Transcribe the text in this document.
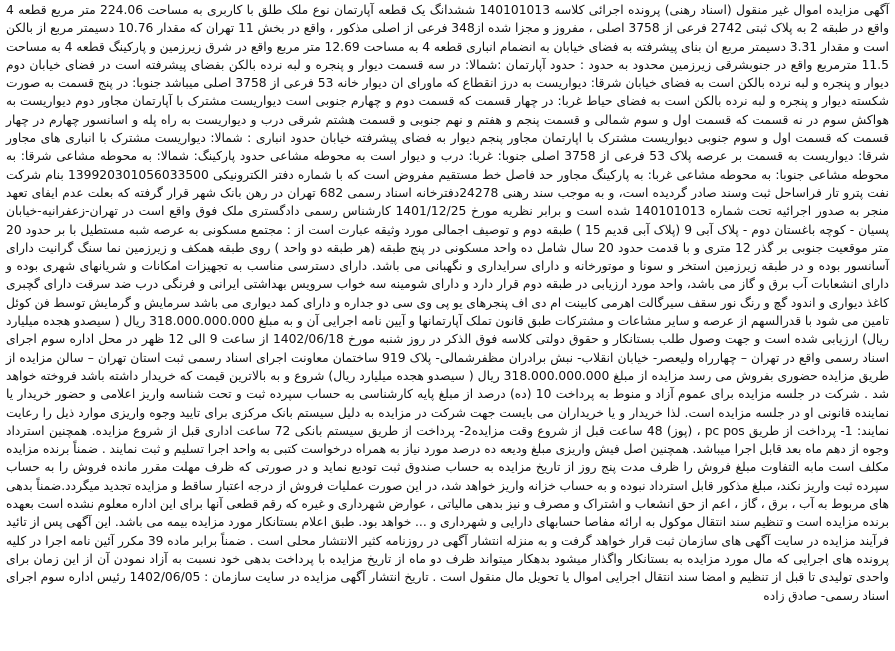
آگهی مزایده اموال غیر منقول (اسناد رهنی) پرونده اجرائی کلاسه 140101013 ششدانگ یک قطعه آپارتمان نوع ملک طلق با کاربری به مساحت 224.06 متر مربع قطعه 4 واقع در طبقه 2 به پلاک ثبتی 2742 فرعی از 3758 اصلی ، مفروز و مجزا شده از348 فرعی از اصلی مذکور ، واقع در بخش 11 تهران که مقدار 10.76 دسیمتر مربع از بالکن است و مقدار 3.31 دسیمتر مربع ان بنای پیشرفته به فضای خیابان به انضمام انباری قطعه 4 به مساحت 12.69 متر مربع واقع در شرق زیرزمین و پارکینگ قطعه 4 به مساحت 11.5 مترمربع واقع در جنوبشرقی زیرزمین محدود به حدود : حدود آپارتمان :شمالا: در سه قسمت دیوار و پنجره و لبه نرده بالکن بفضای پیشرفته است در فضای خیابان دوم دیوار و پنجره و لبه نرده بالکن است به فضای خیابان شرقا: دیواریست به درز انقطاع که ماورای ان دیوار خانه 53 فرعی از 3758 اصلی میباشد جنوبا: در پنج قسمت به صورت شکسته دیوار و پنجره و لبه نرده بالکن است به فضای حیاط غربا: در چهار قسمت که قسمت دوم و چهارم جنوبی است دیواریست مشترک با آپارتمان مجاور دوم دیواریست به هواکش سوم در نه قسمت که قسمت اول و سوم شمالی و قسمت پنجم و هفتم و نهم جنوبی و قسمت هشتم شرقی درب و دیواریست به راه پله و اسانسور چهارم در چهار قسمت که قسمت اول و سوم جنوبی دیواریست مشترک با اپارتمان مجاور پنجم دیوار به فضای پیشرفته خیابان حدود انباری : شمالا: دیواریست مشترک با انباری های مجاور شرقا: دیواریست به قسمت بر عرصه پلاک 53 فرعی از 3758 اصلی جنوبا: غربا: درب و دیوار است به محوطه مشاعی حدود پارکینگ: شمالا: به محوطه مشاعی شرقا: به محوطه مشاعی جنوبا: به محوطه مشاعی غربا: به پارکینگ مجاور حد فاصل خط مستقیم مفروض است که با شماره دفتر الکترونیکی 139920301056033500 بنام شرکت نفت پترو تار فراساحل ثبت وسند صادر گردیده است، و به موجب سند رهنی 24278دفترخانه اسناد رسمی 682 تهران در رهن بانک شهر قرار گرفته که بعلت عدم ایفای تعهد منجر به صدور اجرائیه تحت شماره 140101013 شده است و برابر نظریه مورخ 1401/12/25 کارشناس رسمی دادگستری ملک فوق واقع است در تهران-زعفرانیه-خیابان پسیان - کوچه باغستان دوم - پلاک آبی 9 (پلاک آبی قدیم 15 ) طبقه دوم و توصیف اجمالی مورد وثیقه عبارت است از : مجتمع مسکونی به عرصه شبه مستطیل با بر حدود 20 متر موقعیت جنوبی بر گذر 12 متری و با قدمت حدود 20 سال شامل ده واحد مسکونی در پنج طبقه (هر طبقه دو واحد ) روی طبقه همکف و زیرزمین نما سنگ گرانیت دارای آسانسور بوده و در طبقه زیرزمین استخر و سونا و موتورخانه و دارای سرایداری و نگهبانی می باشد. دارای دسترسی مناسب به تجهیزات امکانات و شریانهای شهری بوده و دارای انشعابات آب برق و گاز می باشد، واحد مورد ارزیابی در طبقه دوم قرار دارد و دارای شومینه سه خواب سرویس بهداشتی ایرانی و فرنگی درب ضد سرقت دارای گچبری کاغذ دیواری و اندود گچ و رنگ نور سقف سیرگالت اهرمی کابینت ام دی اف پنجرهای یو پی وی سی دو جداره و دارای کمد دیواری می باشد سرمایش و گرمایش توسط فن کوئل تامین می شود با قدرالسهم از عرصه و سایر مشاعات و مشترکات طبق قانون تملک آپارتمانها و آیین نامه اجرایی آن و به مبلغ 318.000.000.000 ریال ( سیصدو هجده میلیارد ریال) ارزیابی شده است و جهت وصول طلب بستانکار و حقوق دولتی کلاسه فوق الذکر در روز شنبه مورخ 1402/06/18 از ساعت 9 الی 12 ظهر در محل اداره سوم اجرای اسناد رسمی واقع در تهران – چهارراه ولیعصر- خیابان انقلاب- نبش برادران مظفرشمالی- پلاک 919 ساختمان معاونت اجرای اسناد رسمی ثبت استان تهران – سالن مزایده از طریق مزایده حضوری بفروش می رسد مزایده از مبلغ 318.000.000.000 ریال ( سیصدو هجده میلیارد ریال) شروع و به بالاترین قیمت که خریدار داشته باشد فروخته خواهد شد . شرکت در جلسه مزایده برای عموم آزاد و منوط به پرداخت 10 (ده) درصد از مبلغ پایه کارشناسی به حساب سپرده ثبت و تحت شناسه واریز اعلامی و حضور خریدار یا نماینده قانونی او در جلسه مزایده است. لذا خریدار و یا خریداران می بایست جهت شرکت در مزایده به دلیل سیستم بانک مرکزی برای تایید وجوه واریزی موارد ذیل را رعایت نمایند: 1- پرداخت از طریق pc pos ، (پوز) 48 ساعت قبل از شروع وقت مزایده2- پرداخت از طریق سیستم بانکی 72 ساعت اداری قبل از شروع مزایده. همچنین استرداد وجوه از دهم ماه بعد قابل اجرا میباشد. همچنین اصل فیش واریزی مبلغ ودیعه ده درصد مورد نیاز به همراه درخواست کتبی به واحد اجرا تسلیم و ثبت نمایند . ضمناً برنده مزایده مکلف است مابه التفاوت مبلغ فروش را ظرف مدت پنج روز از تاریخ مزایده به حساب صندوق ثبت تودیع نماید و در صورتی که ظرف مهلت مقرر مانده فروش را به حساب سپرده ثبت واریز نکند، مبلغ مذکور قابل استرداد نبوده و به حساب خزانه واریز خواهد شد، در این صورت عملیات فروش از درجه اعتبار ساقط و مزایده تجدید میگردد.ضمناً بدهی های مربوط به آب ، برق ، گاز ، اعم از حق انشعاب و اشتراک و مصرف و نیز بدهی مالیاتی ، عوارض شهرداری و غیره که رقم قطعی آنها برای این اداره معلوم نشده است بعهده برنده مزایده است و تنظیم سند انتقال موکول به ارائه مفاصا حسابهای دارایی و شهرداری و ... خواهد بود. طبق اعلام بستانکار مورد مزایده بیمه می باشد. این آگهی پس از تائید فرآیند مزایده در سایت آگهی های سازمان ثبت قرار خواهد گرفت و به منزله انتشار آگهی در روزنامه کثیر الانتشار محلی است . ضمناً برابر ماده 39 مکرر آئین نامه اجرا در کلیه پرونده های اجرایی که مال مورد مزایده به بستانکار واگذار میشود بدهکار میتواند ظرف دو ماه از تاریخ مزایده با پرداخت بدهی خود نسبت به آزاد نمودن آن از این زمان برای واحدی تولیدی تا قبل از تنظیم و امضا سند انتقال اجرایی اموال یا تحویل مال منقول است . تاریخ انتشار آگهی مزایده در سایت سازمان : 1402/06/05 رئیس اداره سوم اجرای اسناد رسمی- صادق زاده
